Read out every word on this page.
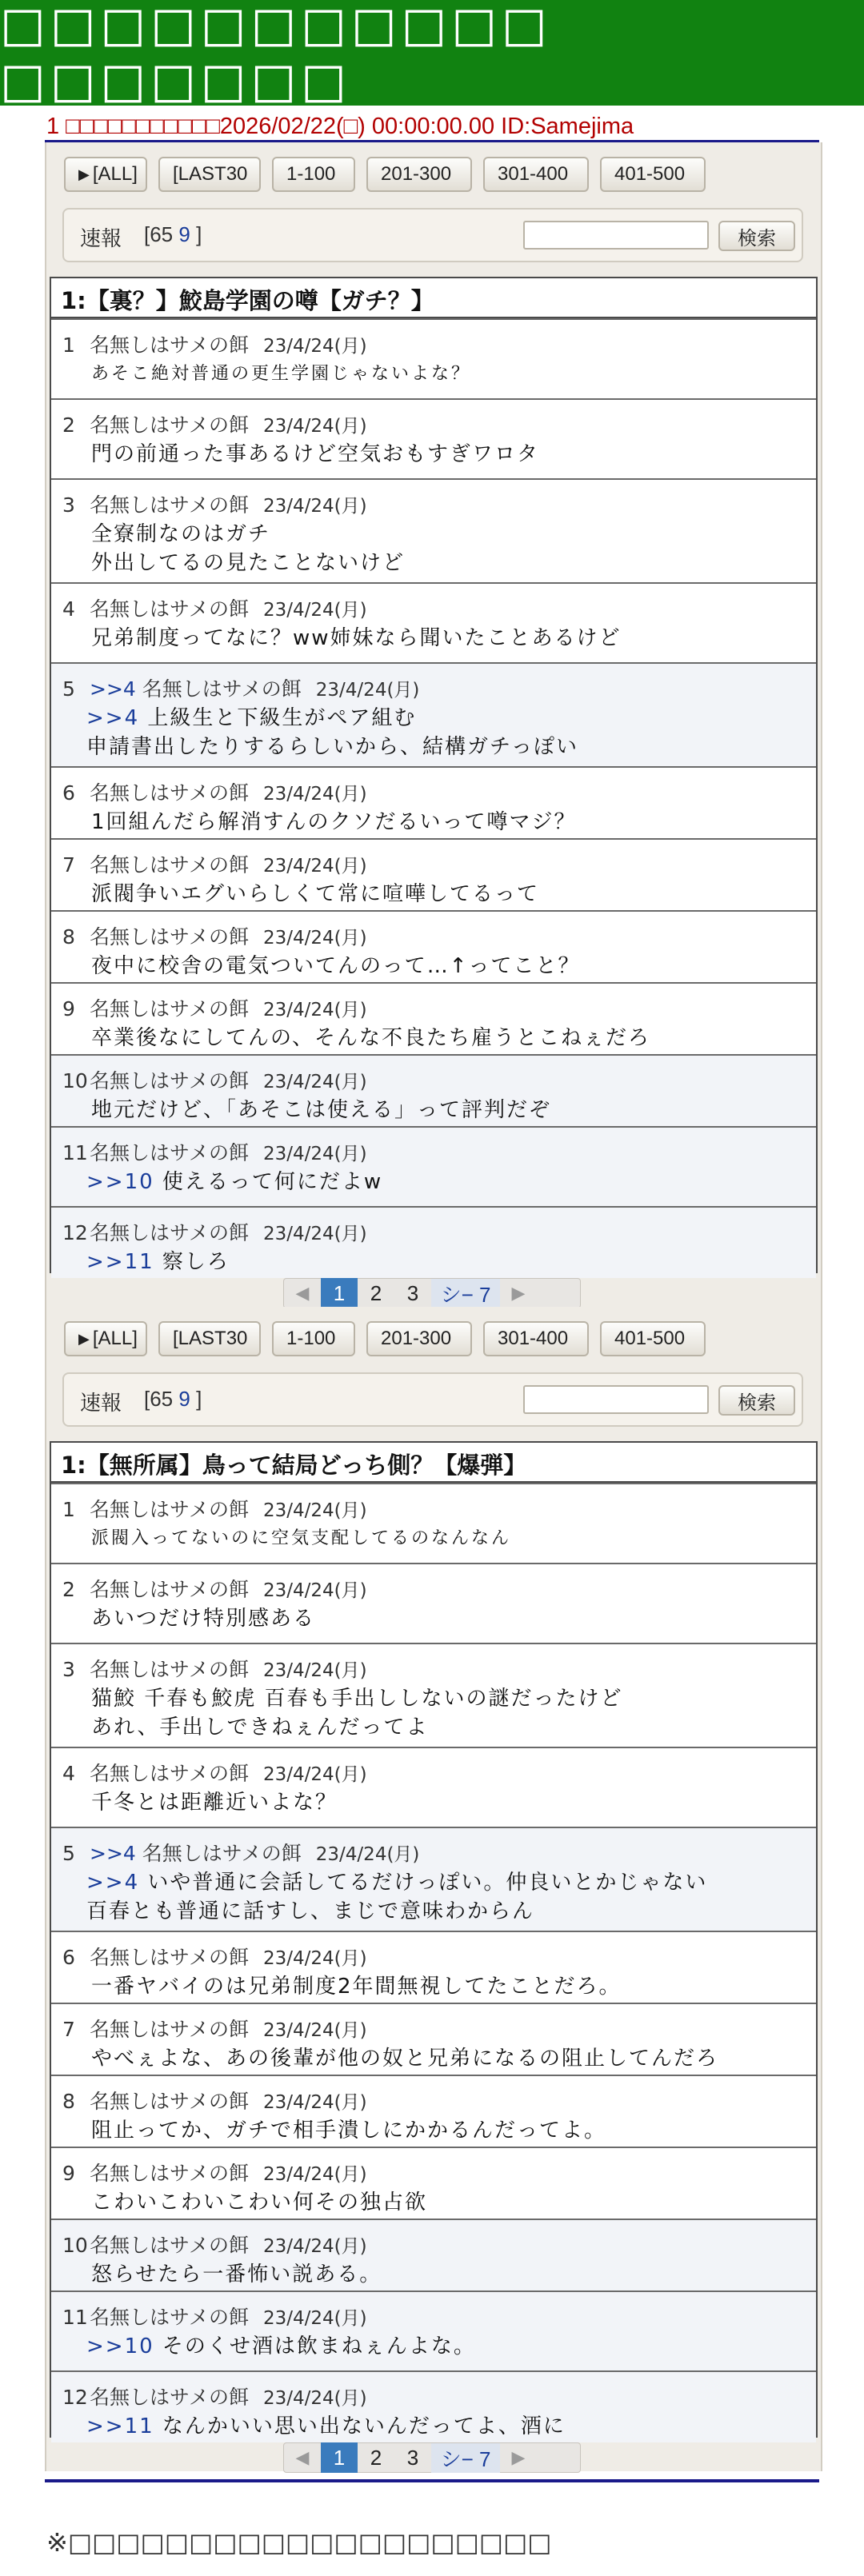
□□□□□□□□□□□ □□□□□□□
1 □□□□□□□□□□□2026/02/22(□) 00:00:00.00 ID:Samejima
▶ [ALL]	[LAST30	1-100	201-300	301-400	401-500
速報 [65 9 ]	検索
1:【裏？】鮫島学園の噂【ガチ？】
1 名無しはサメの餌 23/4/24(月)
あそこ絶対普通の更生学園じゃないよな？
2 名無しはサメの餌 23/4/24(月)
門の前通った事あるけど空気おもすぎワロタ
3 名無しはサメの餌 23/4/24(月)
全寮制なのはガチ
外出してるの見たことないけど
4 名無しはサメの餌 23/4/24(月)
兄弟制度ってなに？ww姉妹なら聞いたことあるけど
5 >>4 名無しはサメの餌 23/4/24(月)
>>4 上級生と下級生がペア組む
申請書出したりするらしいから、結構ガチっぽい
6 名無しはサメの餌 23/4/24(月)
1回組んだら解消すんのクソだるいって噂マジ？
7 名無しはサメの餌 23/4/24(月)
派閥争いエグいらしくて常に喧嘩してるって
8 名無しはサメの餌 23/4/24(月)
夜中に校舎の電気ついてんのって…↑ってこと？
9 名無しはサメの餌 23/4/24(月)
卒業後なにしてんの、そんな不良たち雇うとこねぇだろ
10名無しはサメの餌 23/4/24(月)
地元だけど、「あそこは使える」って評判だぞ
11名無しはサメの餌 23/4/24(月)
>>10 使えるって何にだよw
12名無しはサメの餌 23/4/24(月)
>>11 察しろ
◀	1	2	3	シ− 7	▶
▶ [ALL]	[LAST30	1-100	201-300	301-400	401-500
速報 [65 9 ]	検索
1:【無所属】鳥って結局どっち側？【爆弾】
1 名無しはサメの餌 23/4/24(月)
派閥入ってないのに空気支配してるのなんなん
2 名無しはサメの餌 23/4/24(月)
あいつだけ特別感ある
3 名無しはサメの餌 23/4/24(月)
猫鮫 千春も鮫虎 百春も手出ししないの謎だったけど
あれ、手出しできねぇんだってよ
4 名無しはサメの餌 23/4/24(月)
千冬とは距離近いよな？
5 >>4 名無しはサメの餌 23/4/24(月)
>>4 いや普通に会話してるだけっぽい。仲良いとかじゃない
百春とも普通に話すし、まじで意味わからん
6 名無しはサメの餌 23/4/24(月)
一番ヤバイのは兄弟制度2年間無視してたことだろ。
7 名無しはサメの餌 23/4/24(月)
やべぇよな、あの後輩が他の奴と兄弟になるの阻止してんだろ
8 名無しはサメの餌 23/4/24(月)
阻止ってか、ガチで相手潰しにかかるんだってよ。
9 名無しはサメの餌 23/4/24(月)
こわいこわいこわい何その独占欲
10名無しはサメの餌 23/4/24(月)
怒らせたら一番怖い説ある。
11名無しはサメの餌 23/4/24(月)
>>10 そのくせ酒は飲まねぇんよな。
12名無しはサメの餌 23/4/24(月)
>>11 なんかいい思い出ないんだってよ、酒に
◀	1	2	3	シ− 7	▶
※□□□□□□□□□□□□□□□□□□□□
